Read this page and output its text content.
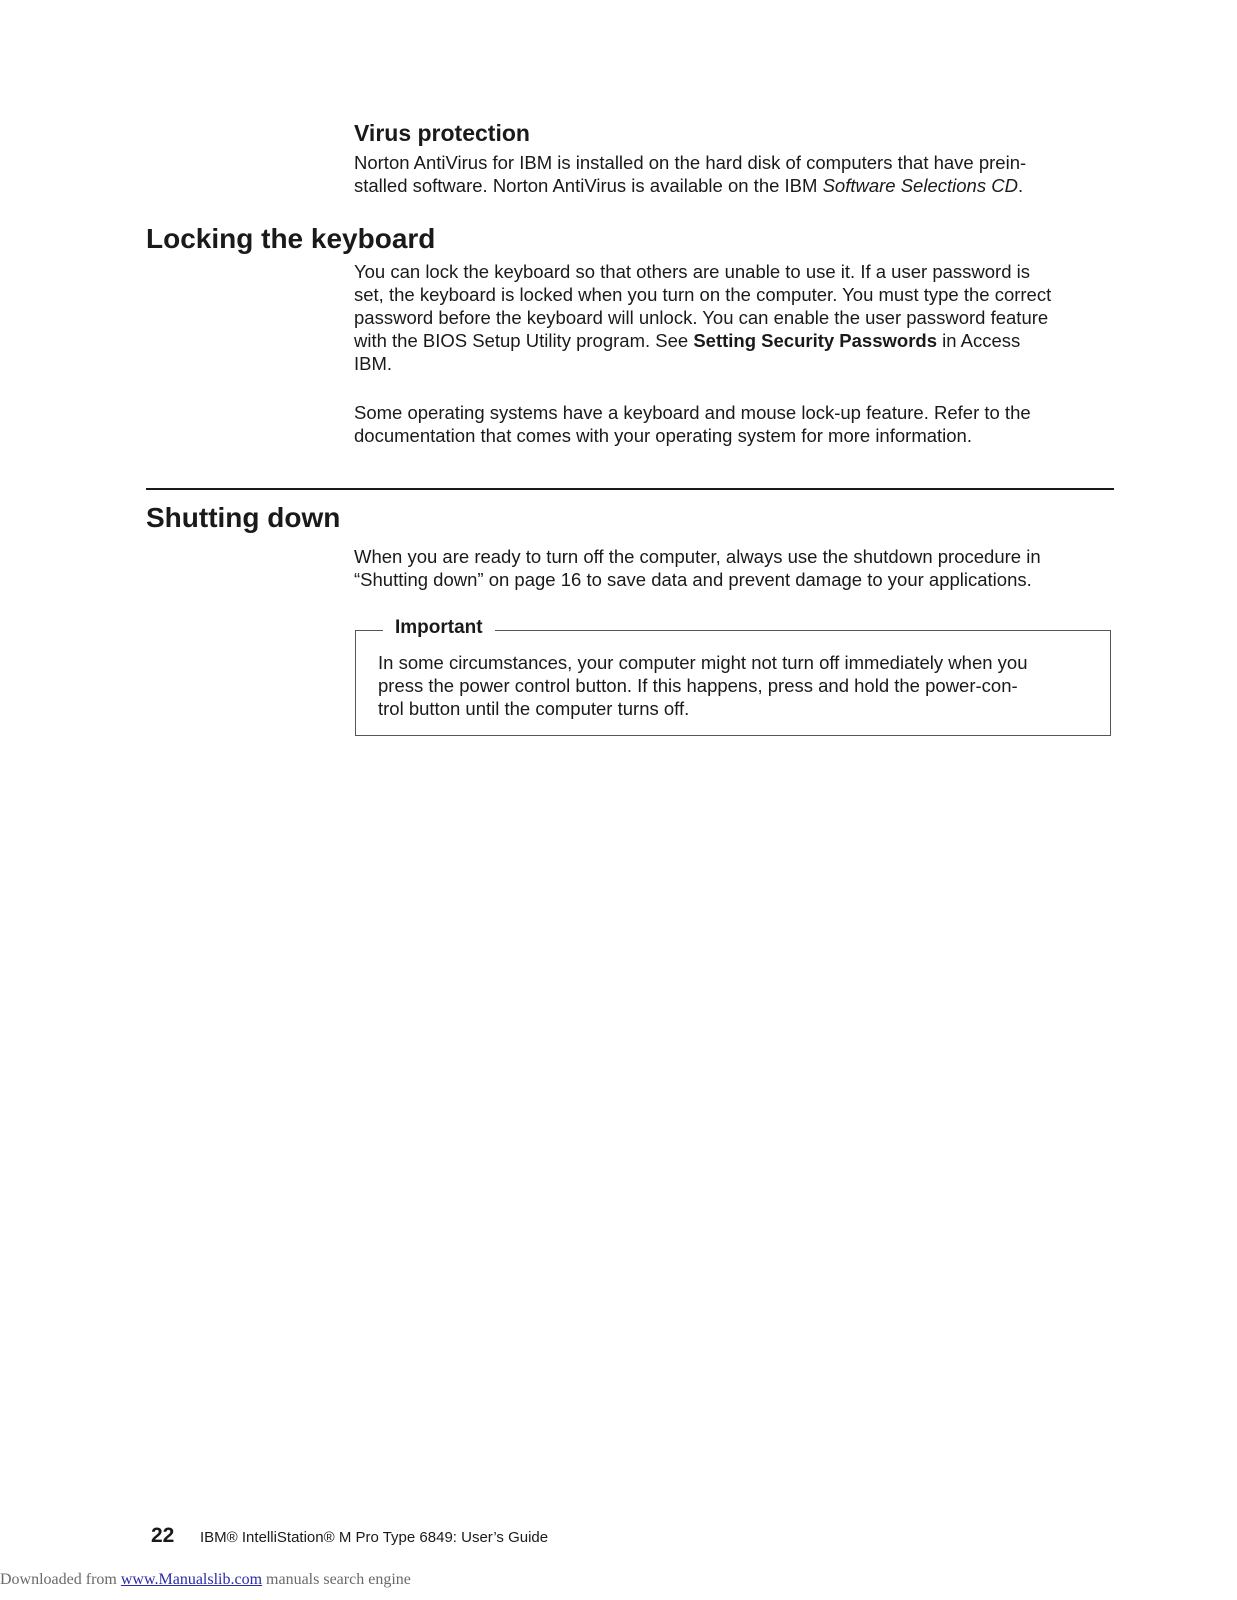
Virus protection

Norton AntiVirus for IBM is installed on the hard disk of computers that have prein-
stalled software. Norton AntiVirus is available on the IBM Software Selections CD.

Locking the keyboard

You can lock the keyboard so that others are unable to use it. If a user password is
set, the keyboard is locked when you turn on the computer. You must type the correct
password before the keyboard will unlock. You can enable the user password feature
with the BIOS Setup Utility program. See Setting Security Passwords in Access
IBM.

Some operating systems have a keyboard and mouse lock-up feature. Refer to the
documentation that comes with your operating system for more information.

Shutting down

When you are ready to turn off the computer, always use the shutdown procedure in
“Shutting down” on page 16 to save data and prevent damage to your applications.

Important

In some circumstances, your computer might not turn off immediately when you
press the power control button. If this happens, press and hold the power-con-
trol button until the computer turns off.

22 IBM® IntelliStation® M Pro Type 6849: User’s Guide
Downloaded from www.Manualslib.com manuals search engine
